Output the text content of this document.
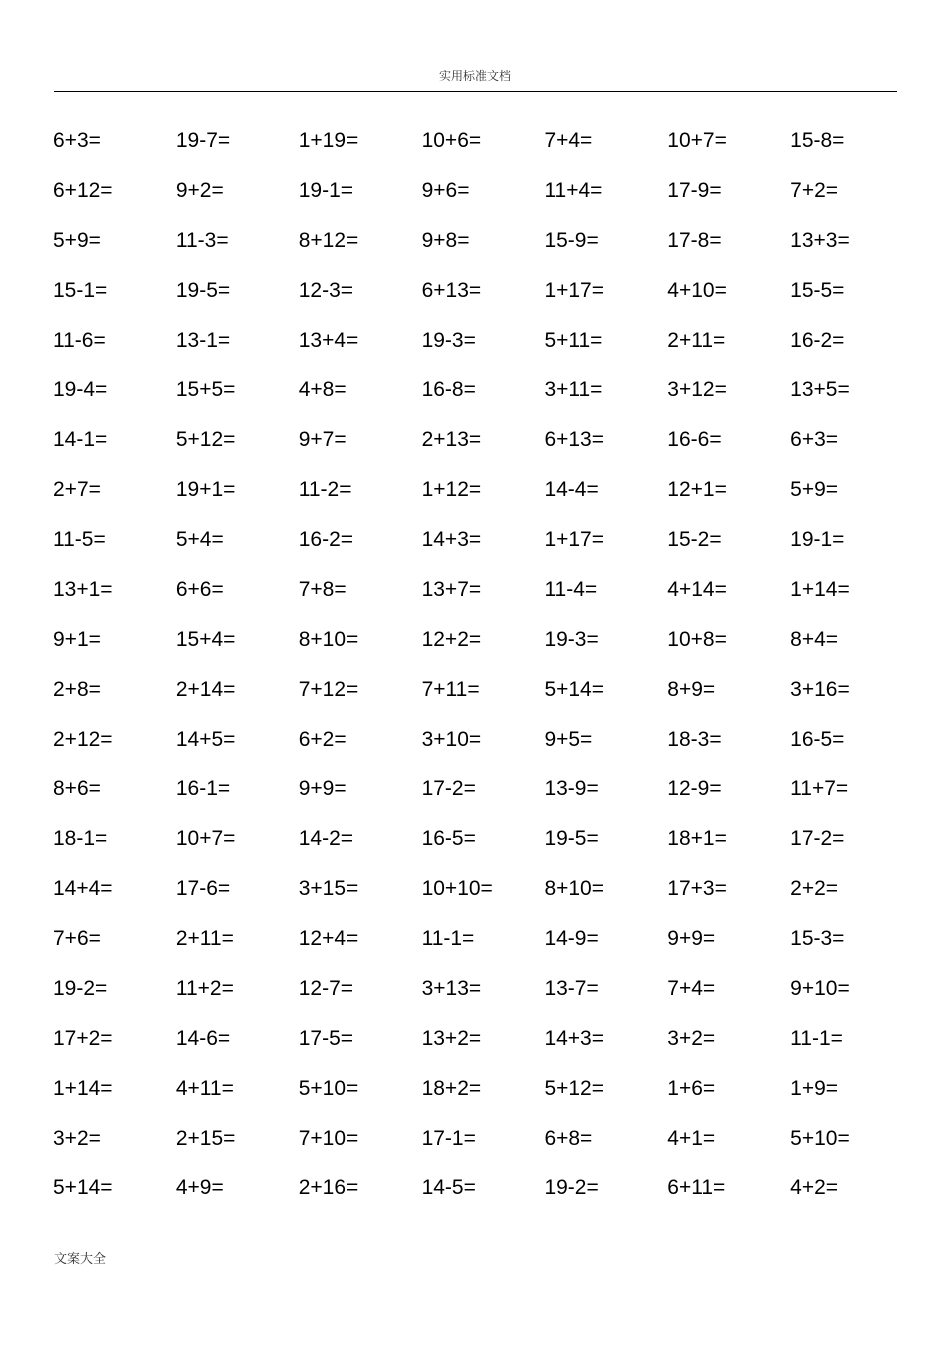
实用标准文档
6+3=	19-7=	1+19=	10+6=	7+4=	10+7=	15-8=
6+12=	9+2=	19-1=	9+6=	11+4=	17-9=	7+2=
5+9=	11-3=	8+12=	9+8=	15-9=	17-8=	13+3=
15-1=	19-5=	12-3=	6+13=	1+17=	4+10=	15-5=
11-6=	13-1=	13+4=	19-3=	5+11=	2+11=	16-2=
19-4=	15+5=	4+8=	16-8=	3+11=	3+12=	13+5=
14-1=	5+12=	9+7=	2+13=	6+13=	16-6=	6+3=
2+7=	19+1=	11-2=	1+12=	14-4=	12+1=	5+9=
11-5=	5+4=	16-2=	14+3=	1+17=	15-2=	19-1=
13+1=	6+6=	7+8=	13+7=	11-4=	4+14=	1+14=
9+1=	15+4=	8+10=	12+2=	19-3=	10+8=	8+4=
2+8=	2+14=	7+12=	7+11=	5+14=	8+9=	3+16=
2+12=	14+5=	6+2=	3+10=	9+5=	18-3=	16-5=
8+6=	16-1=	9+9=	17-2=	13-9=	12-9=	11+7=
18-1=	10+7=	14-2=	16-5=	19-5=	18+1=	17-2=
14+4=	17-6=	3+15=	10+10=	8+10=	17+3=	2+2=
7+6=	2+11=	12+4=	11-1=	14-9=	9+9=	15-3=
19-2=	11+2=	12-7=	3+13=	13-7=	7+4=	9+10=
17+2=	14-6=	17-5=	13+2=	14+3=	3+2=	11-1=
1+14=	4+11=	5+10=	18+2=	5+12=	1+6=	1+9=
3+2=	2+15=	7+10=	17-1=	6+8=	4+1=	5+10=
5+14=	4+9=	2+16=	14-5=	19-2=	6+11=	4+2=
文案大全
